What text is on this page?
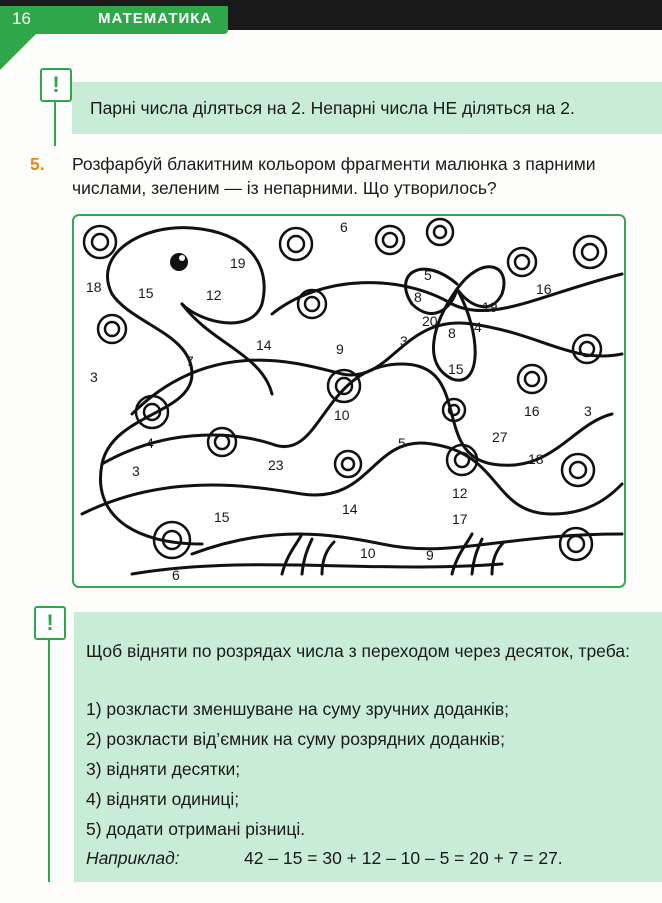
16	МАТЕМАТИКА
!
Парні числа діляться на 2. Непарні числа НЕ діляться на 2.
5. Розфарбуй блакитним кольором фрагменти малюнка з парними числами, зеленим — із непарними. Що утворилось?
6
19
18	15	12
5
8
19
16
20
8 4
3
14	9
7	15
3
10	16	3
4	5	27
3	23	18
12
15	14
17
10	9
6
!
Щоб відняти по розрядах числа з переходом через десяток, треба:
1) розкласти зменшуване на суму зручних доданків;
2) розкласти від’ємник на суму розрядних доданків;
3) відняти десятки;
4) відняти одиниці;
5) додати отримані різниці.
Наприклад:	42 – 15 = 30 + 12 – 10 – 5 = 20 + 7 = 27.
